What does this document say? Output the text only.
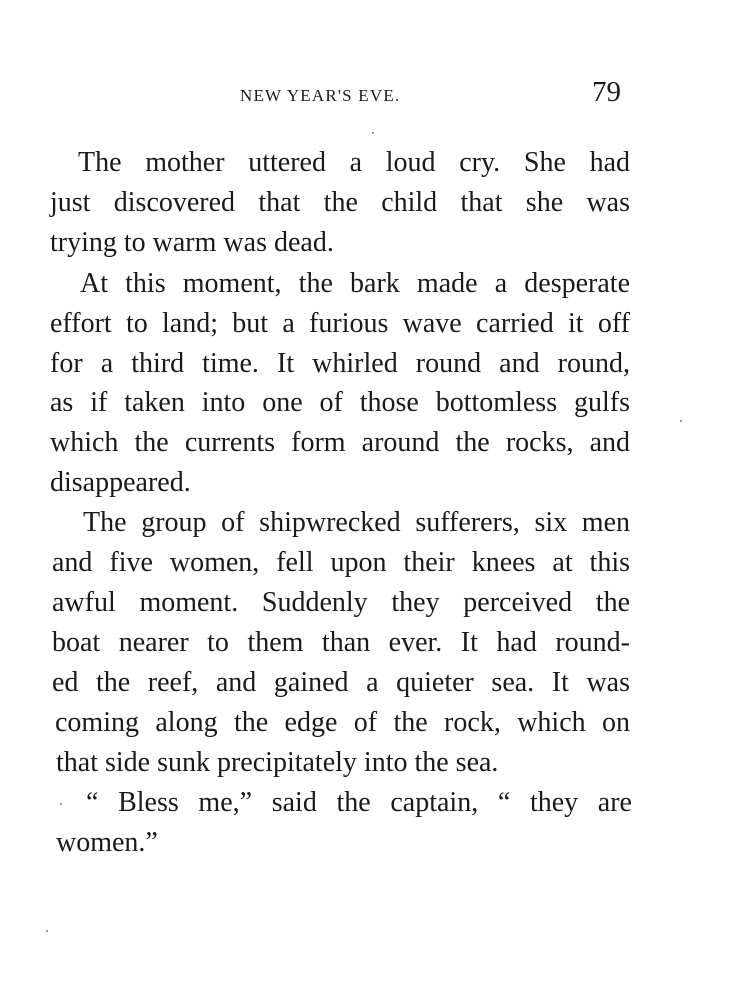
NEW YEAR'S EVE.	79
The mother uttered a loud cry. She had
just discovered that the child that she was
trying to warm was dead.
At this moment, the bark made a desperate
effort to land; but a furious wave carried it off
for a third time. It whirled round and round,
as if taken into one of those bottomless gulfs
which the currents form around the rocks, and
disappeared.
The group of shipwrecked sufferers, six men
and five women, fell upon their knees at this
awful moment. Suddenly they perceived the
boat nearer to them than ever. It had round-
ed the reef, and gained a quieter sea. It was
coming along the edge of the rock, which on
that side sunk precipitately into the sea.
“ Bless me,” said the captain, “ they are
women.”
